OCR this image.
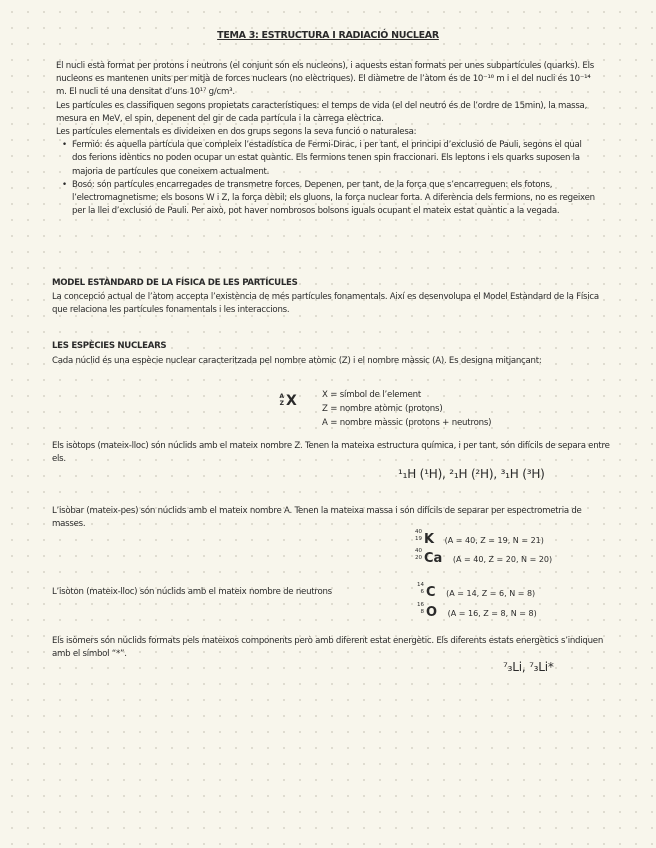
TEMA 3: ESTRUCTURA I RADIACIÓ NUCLEAR

El nucli està format per protons i neutrons (el conjunt són els nucleons), i aquests estan formats per unes subpartícules (quarks). Els nucleons es mantenen units per mitjà de forces nuclears (no elèctriques). El diàmetre de l’àtom és de 10⁻¹⁰ m i el del nucli és 10⁻¹⁴ m. El nucli té una densitat d’uns 10¹⁷ g/cm³.

Les partícules es classifiquen segons propietats característiques: el temps de vida (el del neutró és de l’ordre de 15min), la massa, mesura en MeV, el spin, depenent del gir de cada partícula i la càrrega elèctrica.

Les partícules elementals es divideixen en dos grups segons la seva funció o naturalesa:

• Fermió: és aquella partícula que compleix l’estadística de Fermi-Dirac, i per tant, el principi d’exclusió de Pauli, segons el qual dos ferions idèntics no poden ocupar un estat quàntic. Els fermions tenen spin fraccionari. Els leptons i els quarks suposen la majoria de partícules que coneixem actualment.
• Bosó: són partícules encarregades de transmetre forces. Depenen, per tant, de la força que s’encarreguen: els fotons, l’electromagnetisme; els bosons W i Z, la força dèbil; els gluons, la força nuclear forta. A diferència dels fermions, no es regeixen per la llei d’exclusió de Pauli. Per això, pot haver nombrosos bolsons iguals ocupant el mateix estat quàntic a la vegada.
MODEL ESTÀNDARD DE LA FÍSICA DE LES PARTÍCULES

La concepció actual de l’àtom accepta l’existència de més partícules fonamentals. Així es desenvolupa el Model Estàndard de la Física que relaciona les partícules fonamentals i les interaccions.

LES ESPÈCIES NUCLEARS

Cada núclid és una espècie nuclear caracteritzada pel nombre atòmic (Z) i el nombre màssic (A). Es designa mitjançant:

A
Z X	X = símbol de l’element

Z = nombre atòmic (protons)

A = nombre màssic (protons + neutrons)

Els isòtops (mateix-lloc) són núclids amb el mateix nombre Z. Tenen la mateixa estructura química, i per tant, són difícils de separa entre els.

¹₁H (¹H), ²₁H (²H), ³₁H (³H)

L’isòbar (mateix-pes) són núclids amb el mateix nombre A. Tenen la mateixa massa i són difícils de separar per espectrometria de masses.

40
19 K (A = 40, Z = 19, N = 21)
40
20 Ca (A = 40, Z = 20, N = 20)

L’isòton (mateix-lloc) són núclids amb el mateix nombre de neutrons

14
6 C (A = 14, Z = 6, N = 8)
16
8 O (A = 16, Z = 8, N = 8)

Els isòmers són núclids formats pels mateixos components però amb diferent estat energètic. Els diferents estats energètics s’indiquen amb el símbol “*”.

⁷₃Li, ⁷₃Li*
